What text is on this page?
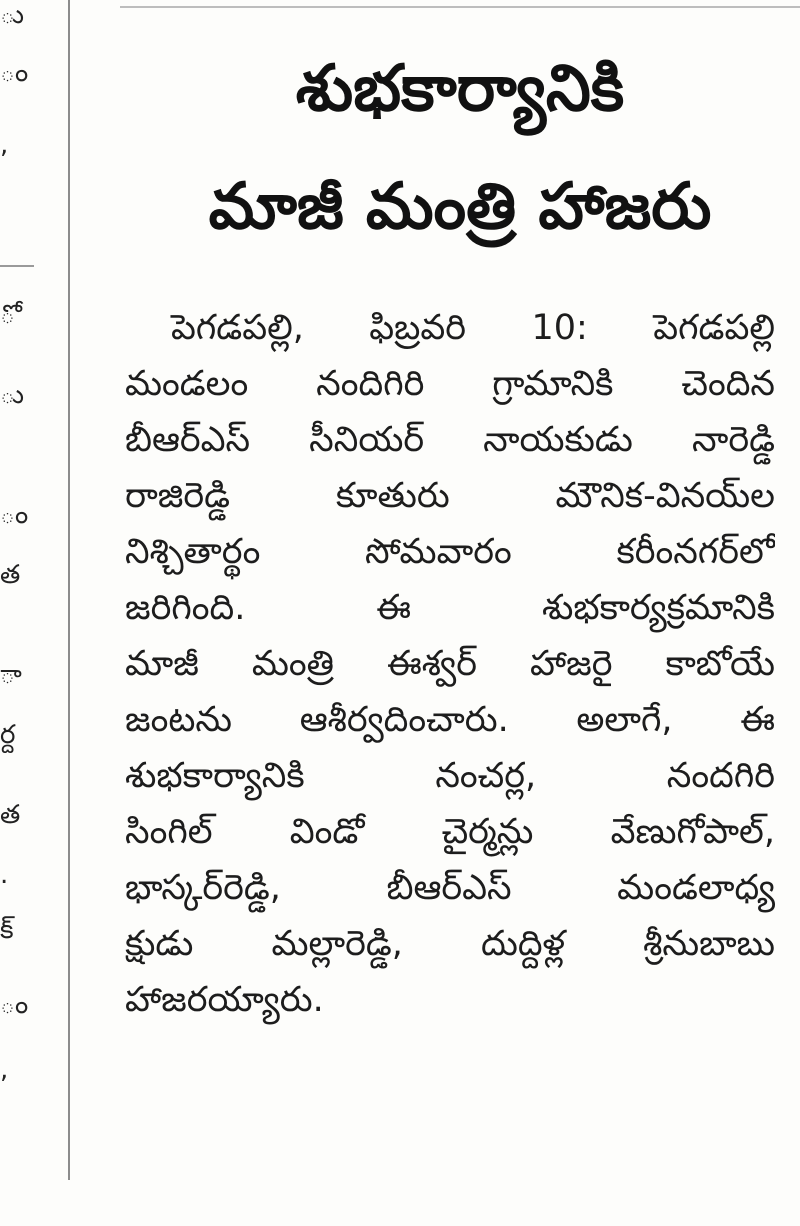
ు
ం
,
ో
ు
ం
త
ా
ర్ద
త
.
క్
ం
,
శుభకార్యానికి
మాజీ మంత్రి హాజరు
పెగడపల్లి, ఫిబ్రవరి 10: పెగడపల్లి
మండలం నందిగిరి గ్రామానికి చెందిన
బీఆర్‌ఎస్ సీనియర్ నాయకుడు నారెడ్డి
రాజిరెడ్డి కూతురు మౌనిక-వినయ్‌ల
నిశ్చితార్థం సోమవారం కరీంనగర్‌లో
జరిగింది. ఈ శుభకార్యక్రమానికి
మాజీ మంత్రి ఈశ్వర్ హాజరై కాబోయే
జంటను ఆశీర్వదించారు. అలాగే, ఈ
శుభకార్యానికి నంచర్ల, నందగిరి
సింగిల్ విండో చైర్మన్లు వేణుగోపాల్,
భాస్కర్‌రెడ్డి, బీఆర్‌ఎస్ మండలాధ్య
క్షుడు మల్లారెడ్డి, దుద్దిళ్ల శ్రీనుబాబు
హాజరయ్యారు.
